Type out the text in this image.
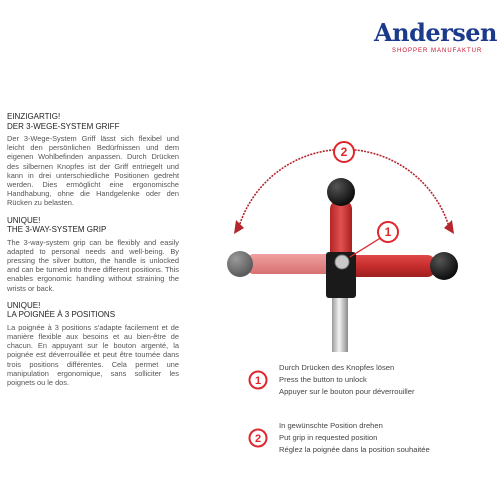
Andersen
SHOPPER MANUFAKTUR
EINZIGARTIG!
DER 3-WEGE-SYSTEM GRIFF
Der 3-Wege-System Griff lässt sich flexibel und leicht den persönlichen Bedürfnissen und dem eigenen Wohlbefinden anpassen. Durch Drücken des silbernen Knopfes ist der Griff entriegelt und kann in drei unterschiedliche Positionen gedreht werden. Dies ermöglicht eine ergonomische Handhabung, ohne die Handgelenke oder den Rücken zu belasten.
UNIQUE!
THE 3-WAY-SYSTEM GRIP
The 3-way-system grip can be flexibly and easily adapted to personal needs and well-being. By pressing the silver button, the handle is unlocked and can be turned into three different positions. This enables ergonomic handling without straining the wrists or back.
UNIQUE!
LA POIGNÉE À 3 POSITIONS
La poignée à 3 positions s'adapte facilement et de manière flexible aux besoins et au bien-être de chacun. En appuyant sur le bouton argenté, la poignée est déverrouillée et peut être tournée dans trois positions différentes. Cela permet une manipulation ergonomique, sans solliciter les poignets ou le dos.
1
2
1
Durch Drücken des Knopfes lösen
Press the button to unlock
Appuyer sur le bouton pour déverrouiller
2
In gewünschte Position drehen
Put grip in requested position
Réglez la poignée dans la position souhaitée
